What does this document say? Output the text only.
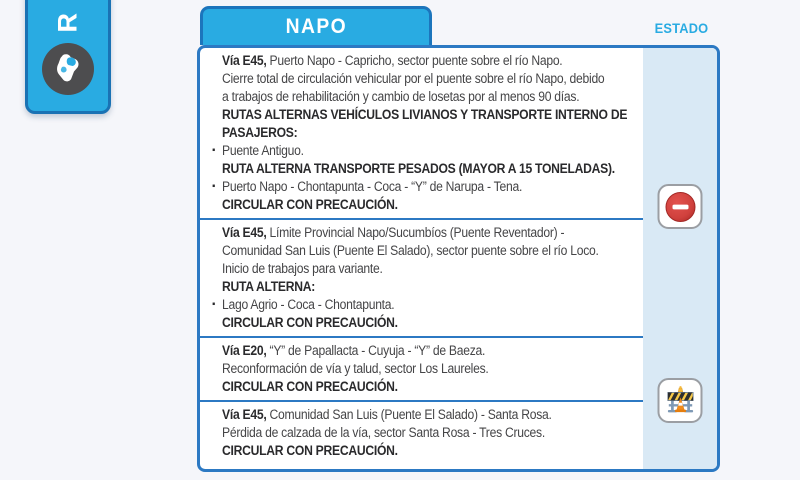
R	NAPO	ESTADO
Vía E45, Puerto Napo - Capricho, sector puente sobre el río Napo.
Cierre total de circulación vehicular por el puente sobre el río Napo, debido
a trabajos de rehabilitación y cambio de losetas por al menos 90 días.
RUTAS ALTERNAS VEHÍCULOS LIVIANOS Y TRANSPORTE INTERNO DE
PASAJEROS:
▪ Puente Antiguo.
RUTA ALTERNA TRANSPORTE PESADOS (MAYOR A 15 TONELADAS).
▪ Puerto Napo - Chontapunta - Coca - “Y” de Narupa - Tena.
CIRCULAR CON PRECAUCIÓN.
Vía E45, Límite Provincial Napo/Sucumbíos (Puente Reventador) -
Comunidad San Luis (Puente El Salado), sector puente sobre el río Loco.
Inicio de trabajos para variante.
RUTA ALTERNA:
▪ Lago Agrio - Coca - Chontapunta.
CIRCULAR CON PRECAUCIÓN.
Vía E20, “Y” de Papallacta - Cuyuja - “Y” de Baeza.
Reconformación de vía y talud, sector Los Laureles.
CIRCULAR CON PRECAUCIÓN.
Vía E45, Comunidad San Luis (Puente El Salado) - Santa Rosa.
Pérdida de calzada de la vía, sector Santa Rosa - Tres Cruces.
CIRCULAR CON PRECAUCIÓN.
